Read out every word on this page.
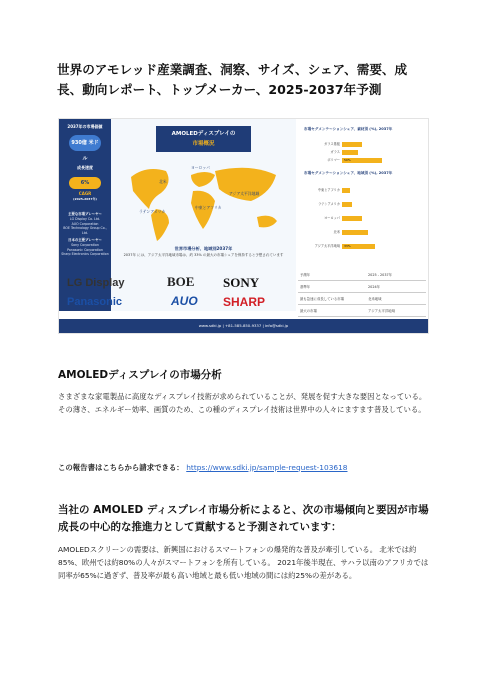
世界のアモレッド産業調査、洞察、サイズ、シェア、需要、成長、動向レポート、トップメーカー、2025-2037年予測
2037年の市場価値
930億 米ドル
成長速度
6%
CAGR
(2025-2037年)
主要な市場プレーヤー
LG Display Co. Ltd.
AUO Corporation
BOE Technology Group Co., Ltd.
日本の主要プレーヤー
Sony Corporation
Panasonic Corporation
Sharp Electronics Corporation
AMOLEDディスプレイの
市場概況
ヨーロッパ
北米
アジア太平洋地域
中東とアフリカ
ラテンアメリカ
世界市場分析、地域別2037年
2037年 には、アジア太平洋地域市場は、約 33% の最大の市場シェアを保持すると予想されています
LG Display	BOE SONY
Panasonic	AUO SHARP
市場セグメンテーションシェア、素材別 (%), 2037年
ガラス基板
ガラス
ポリマー	50%
市場セグメンテーションシェア、地域別 (%), 2037年
中東とアフリカ
ラテンアメリカ
ヨーロッパ
北米
アジア太平洋地域	33%
予測年	2025 - 2037年
基準年	2024年
最も急速に成長している市場	北米地域
最大の市場	アジア太平洋地域
www.sdki.jp | +81-585-850-9337 | info@sdki.jp
AMOLEDディスプレイの市場分析
さまざまな家電製品に高度なディスプレイ技術が求められていることが、発展を促す大きな要因となっている。 その薄さ、エネルギー効率、画質のため、この種のディスプレイ技術は世界中の人々にますます普及している。
この報告書はこちらから請求できる： https://www.sdki.jp/sample-request-103618
当社の AMOLED ディスプレイ市場分析によると、次の市場傾向と要因が市場成長の中心的な推進力として貢献すると予測されています：
AMOLEDスクリーンの需要は、新興国におけるスマートフォンの爆発的な普及が牽引している。 北米では約85%、欧州では約80%の人々がスマートフォンを所有している。 2021年後半現在、サハラ以南のアフリカでは同率が65%に過ぎず、普及率が最も高い地域と最も低い地域の間には約25%の差がある。
